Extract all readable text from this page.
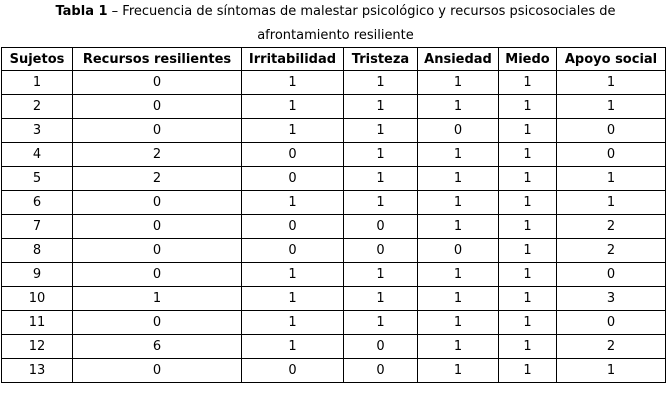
Tabla 1 – Frecuencia de síntomas de malestar psicológico y recursos psicosociales de
afrontamiento resiliente
Sujetos	Recursos resilientes	Irritabilidad	Tristeza	Ansiedad	Miedo	Apoyo social
1	0	1	1	1	1	1
2	0	1	1	1	1	1
3	0	1	1	0	1	0
4	2	0	1	1	1	0
5	2	0	1	1	1	1
6	0	1	1	1	1	1
7	0	0	0	1	1	2
8	0	0	0	0	1	2
9	0	1	1	1	1	0
10	1	1	1	1	1	3
11	0	1	1	1	1	0
12	6	1	0	1	1	2
13	0	0	0	1	1	1
